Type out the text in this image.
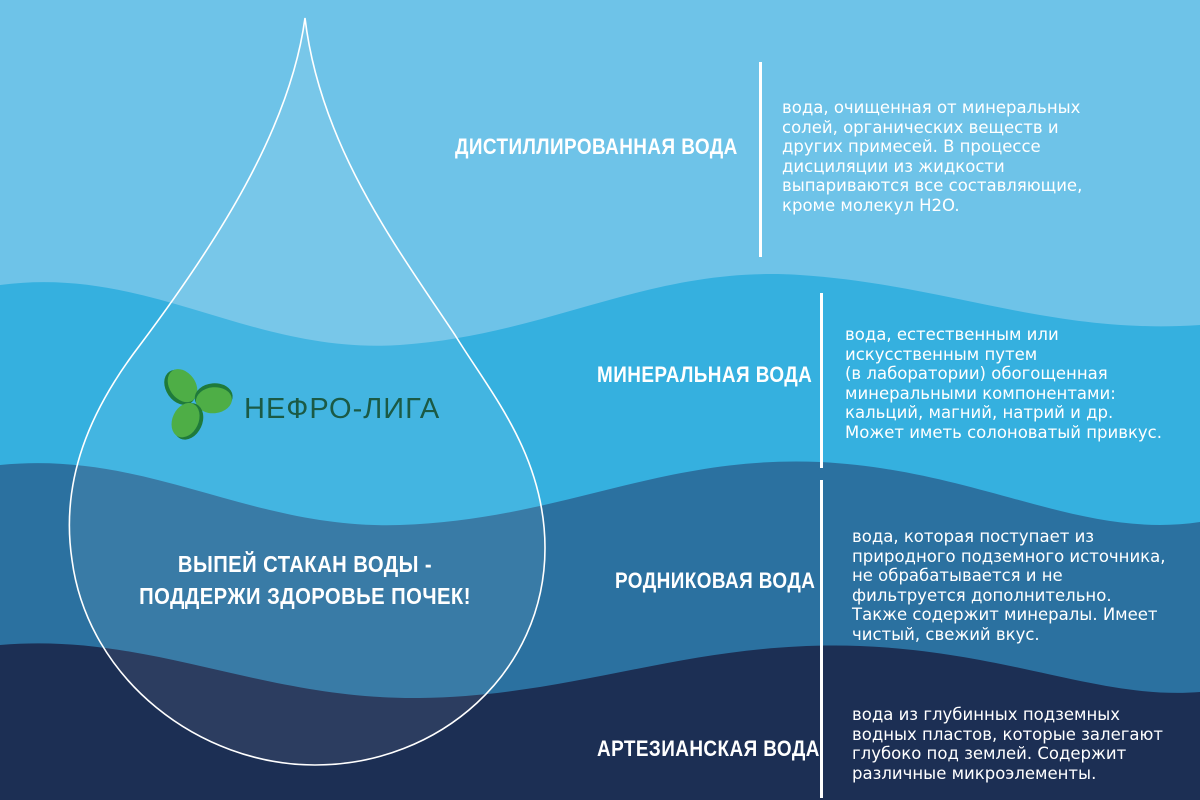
НЕФРО-ЛИГА
ВЫПЕЙ СТАКАН ВОДЫ -
ПОДДЕРЖИ ЗДОРОВЬЕ ПОЧЕК!
ДИСТИЛЛИРОВАННАЯ ВОДА
вода, очищенная от минеральных
солей, органических веществ и
других примесей. В процессе
дисциляции из жидкости
выпариваются все составляющие,
кроме молекул H2O.
МИНЕРАЛЬНАЯ ВОДА
вода, естественным или
искусственным путем
(в лаборатории) обогощенная
минеральными компонентами:
кальций, магний, натрий и др.
Может иметь солоноватый привкус.
РОДНИКОВАЯ ВОДА
вода, которая поступает из
природного подземного источника,
не обрабатывается и не
фильтруется дополнительно.
Также содержит минералы. Имеет
чистый, свежий вкус.
АРТЕЗИАНСКАЯ ВОДА
вода из глубинных подземных
водных пластов, которые залегают
глубоко под землей. Содержит
различные микроэлементы.
